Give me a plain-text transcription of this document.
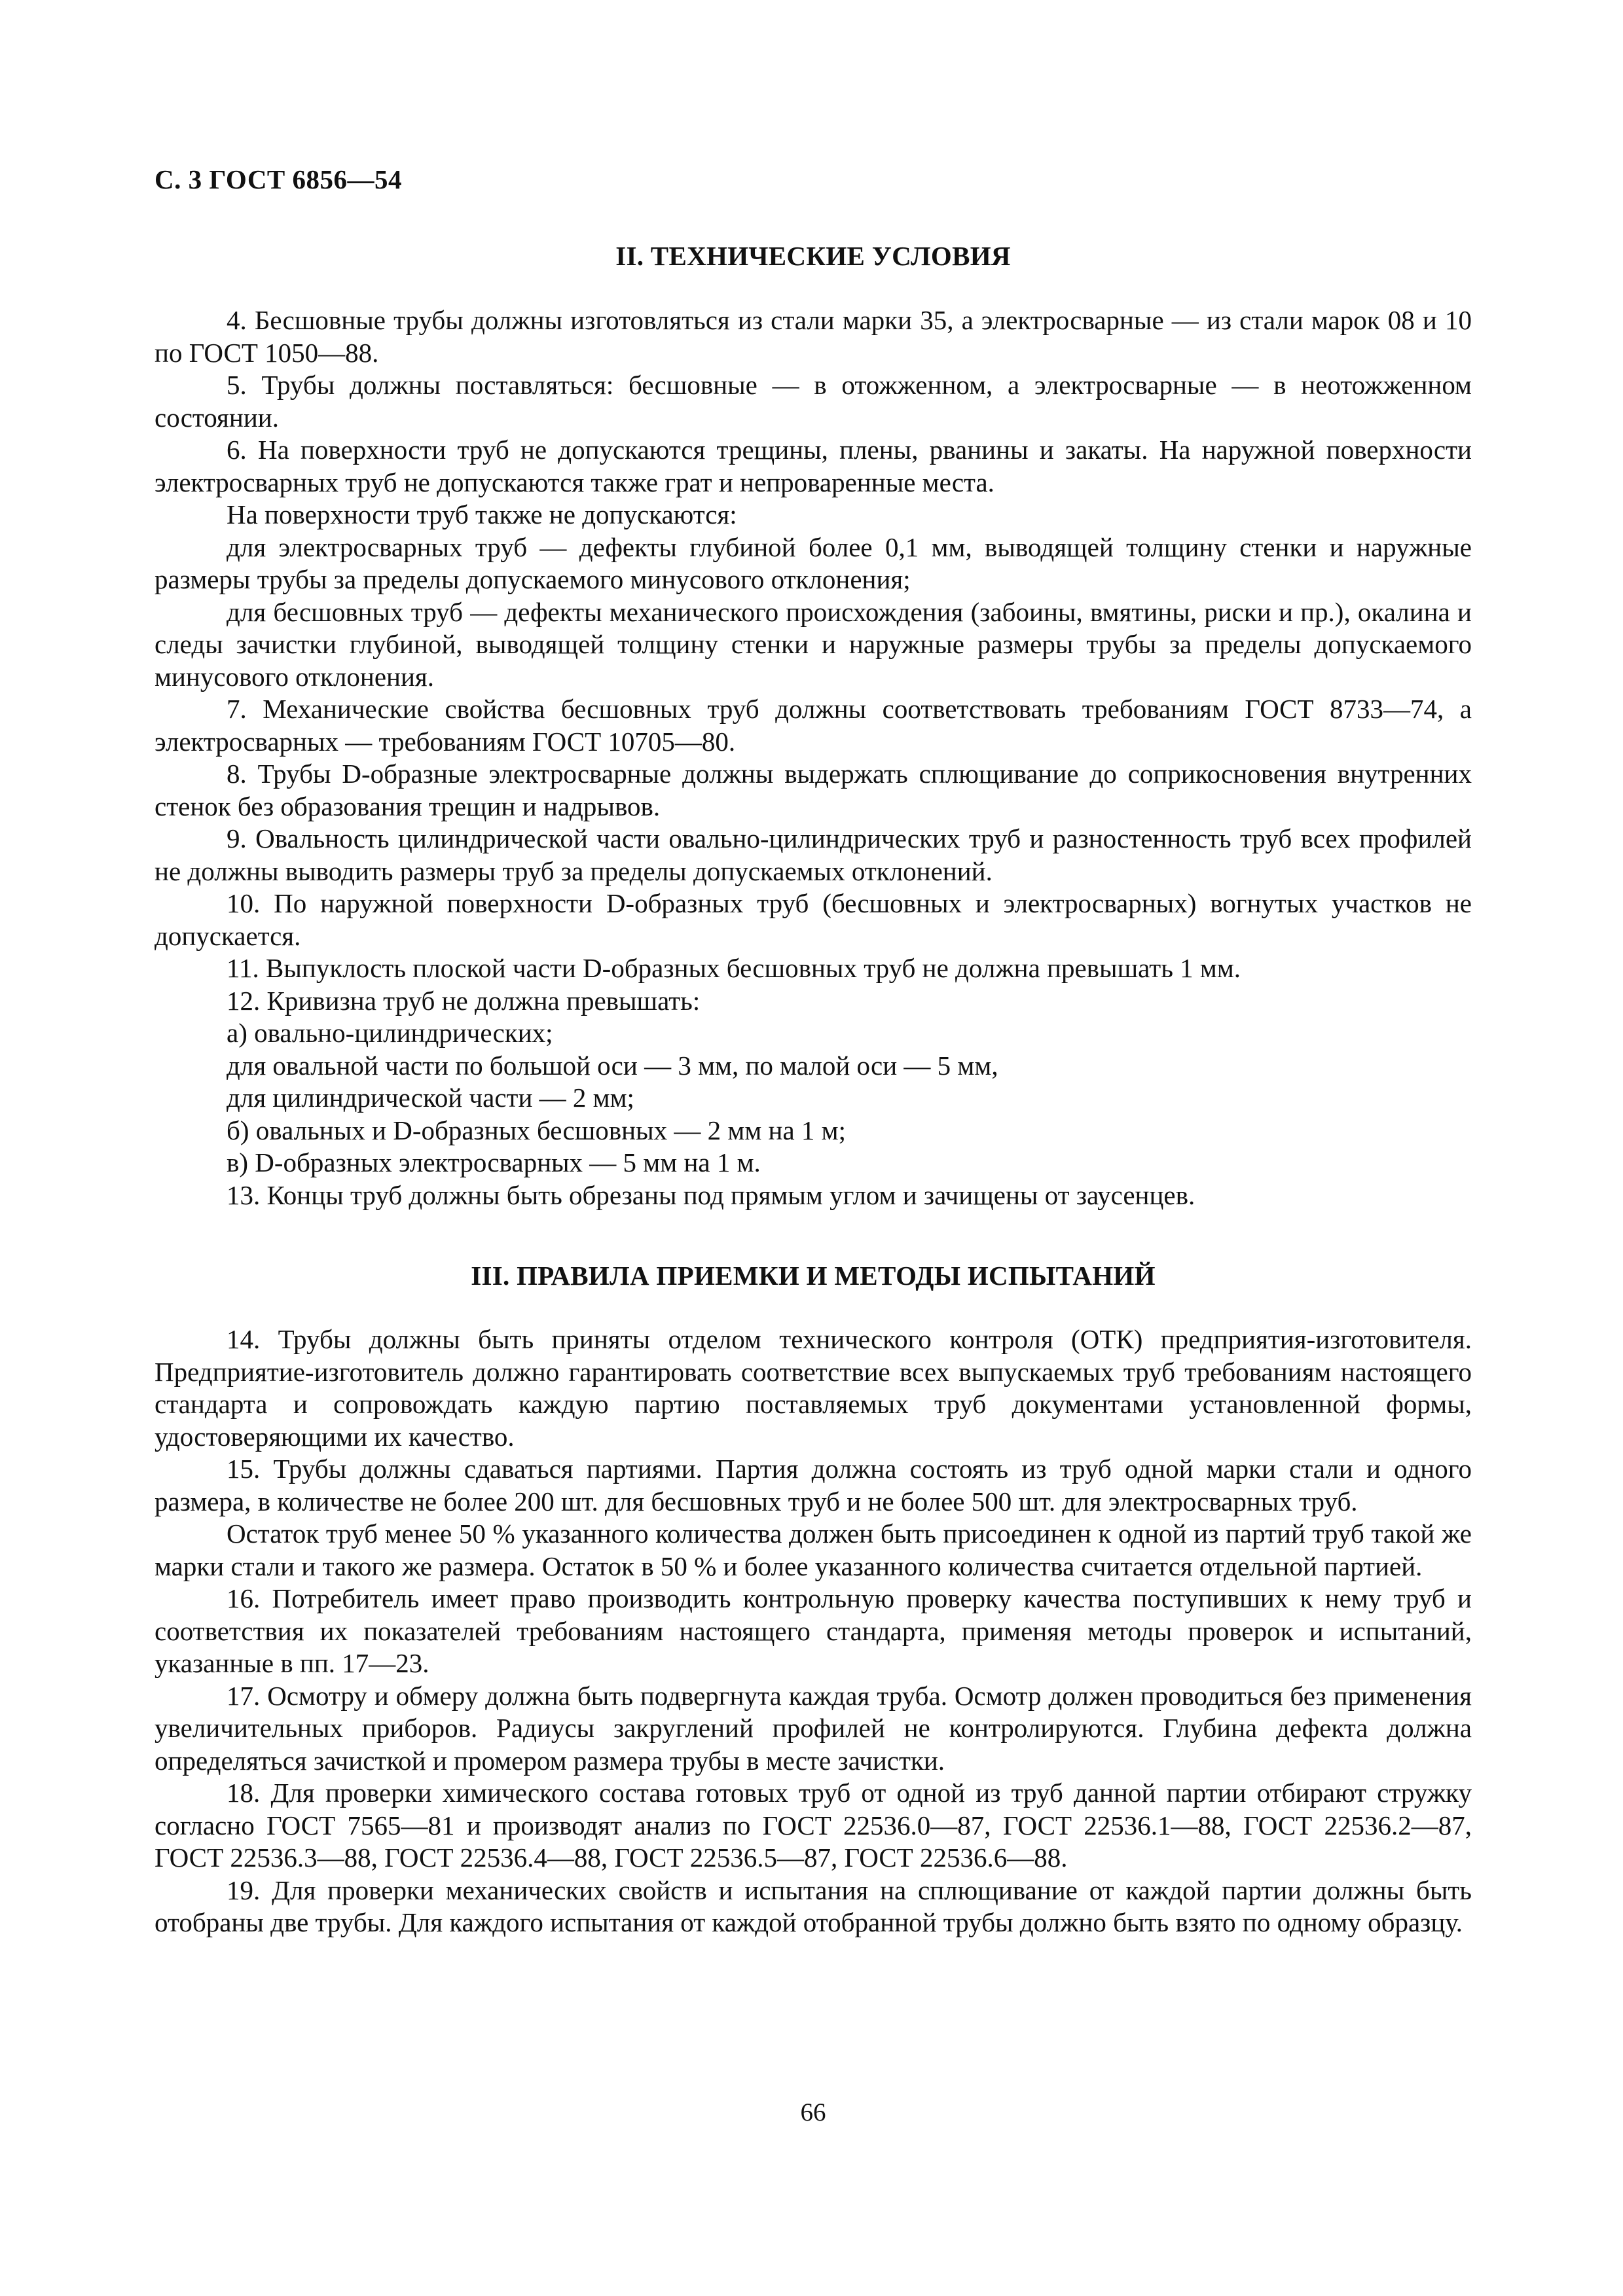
С. 3 ГОСТ 6856—54
II. ТЕХНИЧЕСКИЕ УСЛОВИЯ

4. Бесшовные трубы должны изготовляться из стали марки 35, а электросварные — из стали марок 08 и 10 по ГОСТ 1050—88.

5. Трубы должны поставляться: бесшовные — в отожженном, а электросварные — в неотожженном состоянии.

6. На поверхности труб не допускаются трещины, плены, рванины и закаты. На наружной поверхности электросварных труб не допускаются также грат и непроваренные места.

На поверхности труб также не допускаются:

для электросварных труб — дефекты глубиной более 0,1 мм, выводящей толщину стенки и наружные размеры трубы за пределы допускаемого минусового отклонения;

для бесшовных труб — дефекты механического происхождения (забоины, вмятины, риски и пр.), окалина и следы зачистки глубиной, выводящей толщину стенки и наружные размеры трубы за пределы допускаемого минусового отклонения.

7. Механические свойства бесшовных труб должны соответствовать требованиям ГОСТ 8733—74, а электросварных — требованиям ГОСТ 10705—80.

8. Трубы D-образные электросварные должны выдержать сплющивание до соприкосновения внутренних стенок без образования трещин и надрывов.

9. Овальность цилиндрической части овально-цилиндрических труб и разностенность труб всех профилей не должны выводить размеры труб за пределы допускаемых отклонений.

10. По наружной поверхности D-образных труб (бесшовных и электросварных) вогнутых участков не допускается.

11. Выпуклость плоской части D-образных бесшовных труб не должна превышать 1 мм.

12. Кривизна труб не должна превышать:

а) овально-цилиндрических;

для овальной части по большой оси — 3 мм, по малой оси — 5 мм,

для цилиндрической части — 2 мм;

б) овальных и D-образных бесшовных — 2 мм на 1 м;

в) D-образных электросварных — 5 мм на 1 м.

13. Концы труб должны быть обрезаны под прямым углом и зачищены от заусенцев.

III. ПРАВИЛА ПРИЕМКИ И МЕТОДЫ ИСПЫТАНИЙ

14. Трубы должны быть приняты отделом технического контроля (ОТК) предприятия-изготовителя. Предприятие-изготовитель должно гарантировать соответствие всех выпускаемых труб требованиям настоящего стандарта и сопровождать каждую партию поставляемых труб документами установленной формы, удостоверяющими их качество.

15. Трубы должны сдаваться партиями. Партия должна состоять из труб одной марки стали и одного размера, в количестве не более 200 шт. для бесшовных труб и не более 500 шт. для электросварных труб.

Остаток труб менее 50 % указанного количества должен быть присоединен к одной из партий труб такой же марки стали и такого же размера. Остаток в 50 % и более указанного количества считается отдельной партией.

16. Потребитель имеет право производить контрольную проверку качества поступивших к нему труб и соответствия их показателей требованиям настоящего стандарта, применяя методы проверок и испытаний, указанные в пп. 17—23.

17. Осмотру и обмеру должна быть подвергнута каждая труба. Осмотр должен проводиться без применения увеличительных приборов. Радиусы закруглений профилей не контролируются. Глубина дефекта должна определяться зачисткой и промером размера трубы в месте зачистки.

18. Для проверки химического состава готовых труб от одной из труб данной партии отбирают стружку согласно ГОСТ 7565—81 и производят анализ по ГОСТ 22536.0—87, ГОСТ 22536.1—88, ГОСТ 22536.2—87, ГОСТ 22536.3—88, ГОСТ 22536.4—88, ГОСТ 22536.5—87, ГОСТ 22536.6—88.

19. Для проверки механических свойств и испытания на сплющивание от каждой партии должны быть отобраны две трубы. Для каждого испытания от каждой отобранной трубы должно быть взято по одному образцу.

66
